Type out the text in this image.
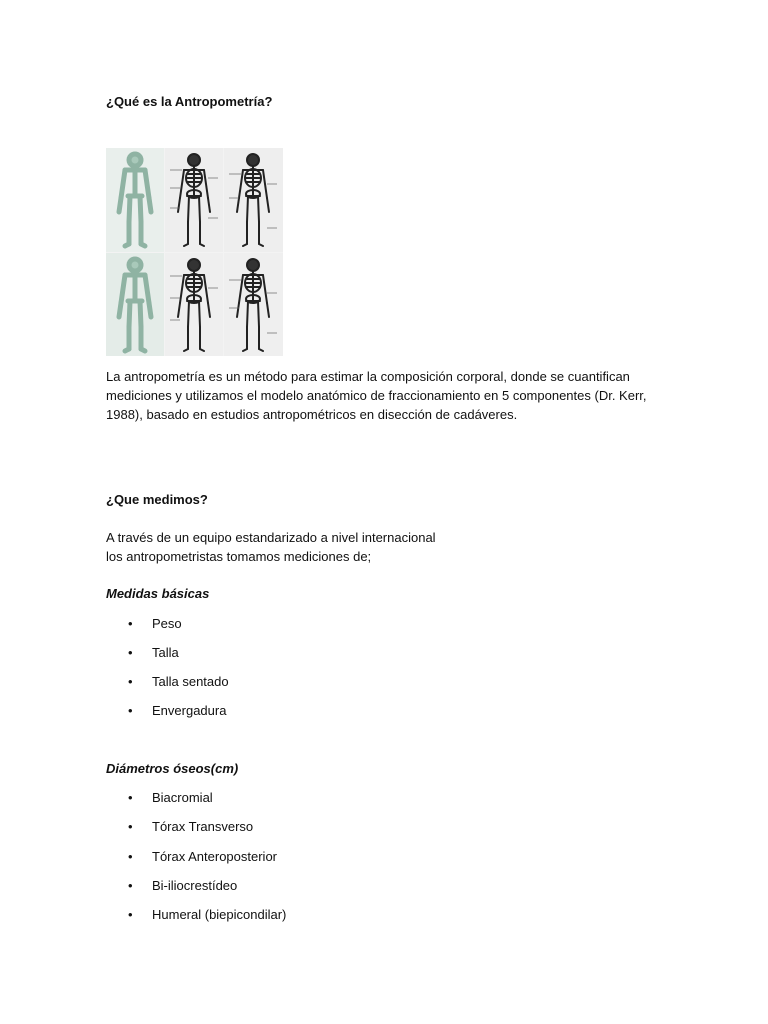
¿Qué es la Antropometría?
La antropometría es un método para estimar la composición corporal, donde se cuantifican
mediciones y utilizamos el modelo anatómico de fraccionamiento en 5 componentes (Dr. Kerr,
1988), basado en estudios antropométricos en disección de cadáveres.
¿Que medimos?
A través de un equipo estandarizado a nivel internacional
los antropometristas tomamos mediciones de;
Medidas básicas
• Peso
• Talla
• Talla sentado
• Envergadura
Diámetros óseos(cm)
• Biacromial
• Tórax Transverso
• Tórax Anteroposterior
• Bi-iliocrestídeo
• Humeral (biepicondilar)
